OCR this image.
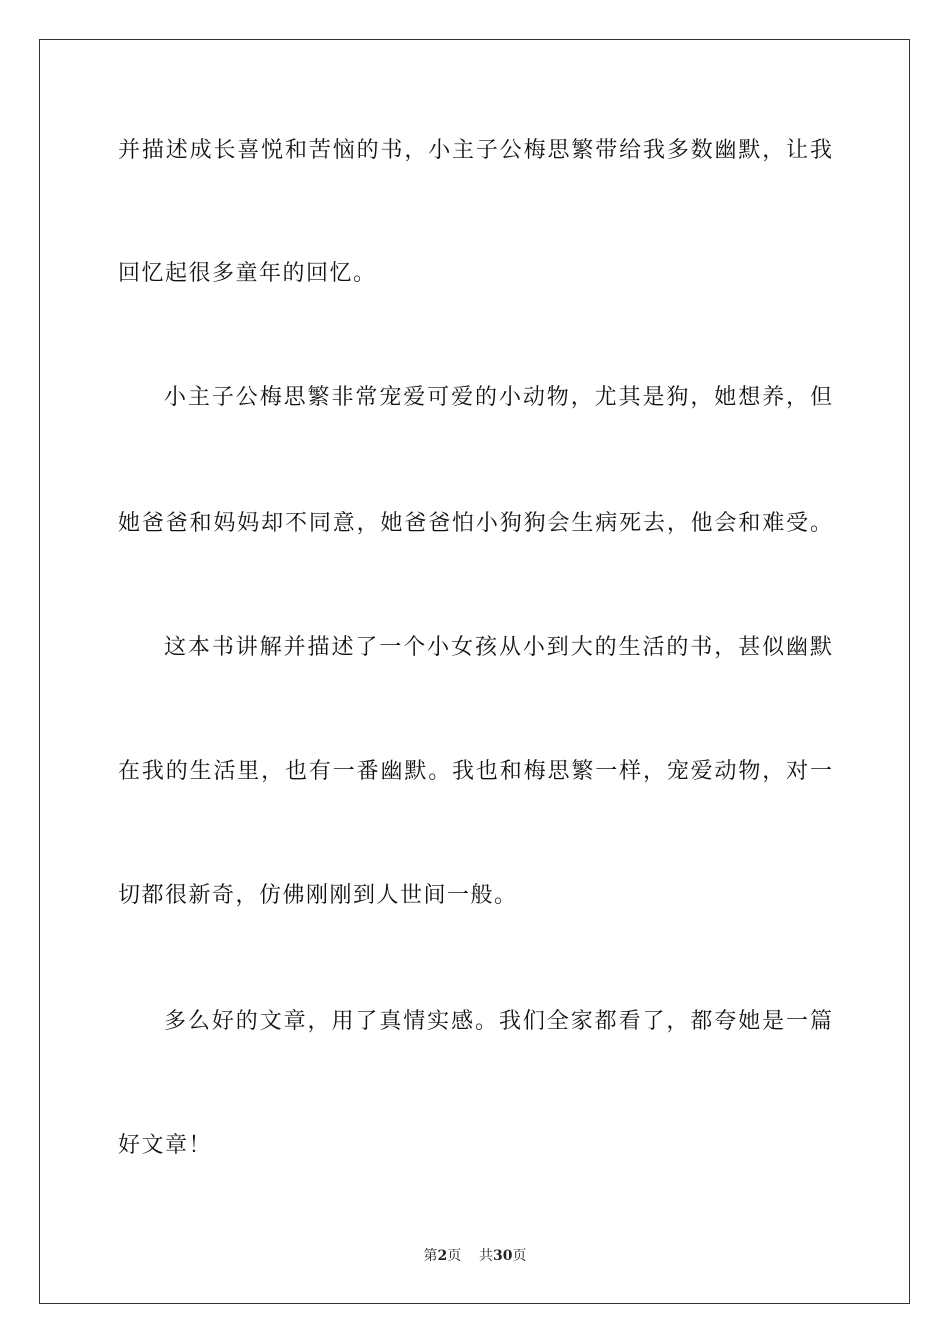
并描述成长喜悦和苦恼的书，小主子公梅思繁带给我多数幽默，让我
回忆起很多童年的回忆。
小主子公梅思繁非常宠爱可爱的小动物，尤其是狗，她想养，但
她爸爸和妈妈却不同意，她爸爸怕小狗狗会生病死去，他会和难受。
这本书讲解并描述了一个小女孩从小到大的生活的书，甚似幽默
在我的生活里，也有一番幽默。我也和梅思繁一样，宠爱动物，对一
切都很新奇，仿佛刚刚到人世间一般。
多么好的文章，用了真情实感。我们全家都看了，都夸她是一篇
好文章！
第2页 共30页
